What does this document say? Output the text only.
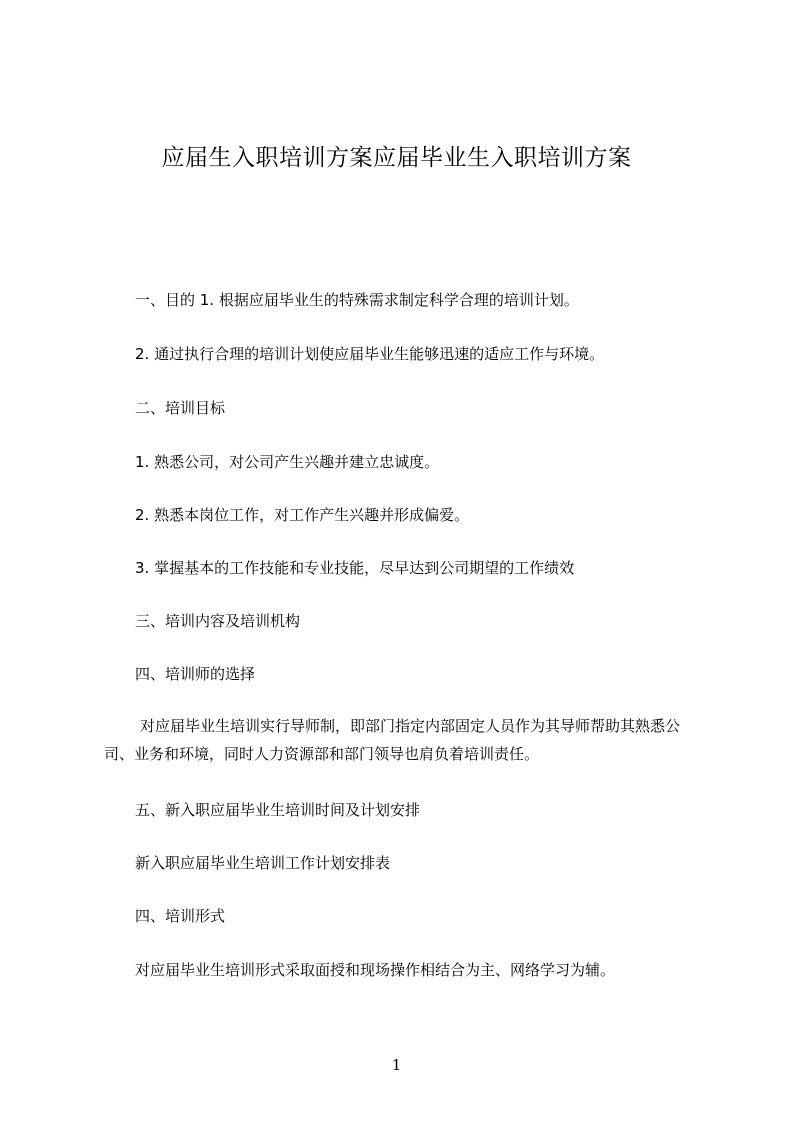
应届生入职培训方案应届毕业生入职培训方案
一、目的 1. 根据应届毕业生的特殊需求制定科学合理的培训计划。
2. 通过执行合理的培训计划使应届毕业生能够迅速的适应工作与环境。
二、培训目标
1. 熟悉公司，对公司产生兴趣并建立忠诚度。
2. 熟悉本岗位工作，对工作产生兴趣并形成偏爱。
3. 掌握基本的工作技能和专业技能，尽早达到公司期望的工作绩效
三、培训内容及培训机构
四、培训师的选择
对应届毕业生培训实行导师制，即部门指定内部固定人员作为其导师帮助其熟悉公司、业务和环境，同时人力资源部和部门领导也肩负着培训责任。
五、新入职应届毕业生培训时间及计划安排
新入职应届毕业生培训工作计划安排表
四、培训形式
对应届毕业生培训形式采取面授和现场操作相结合为主、网络学习为辅。
1
